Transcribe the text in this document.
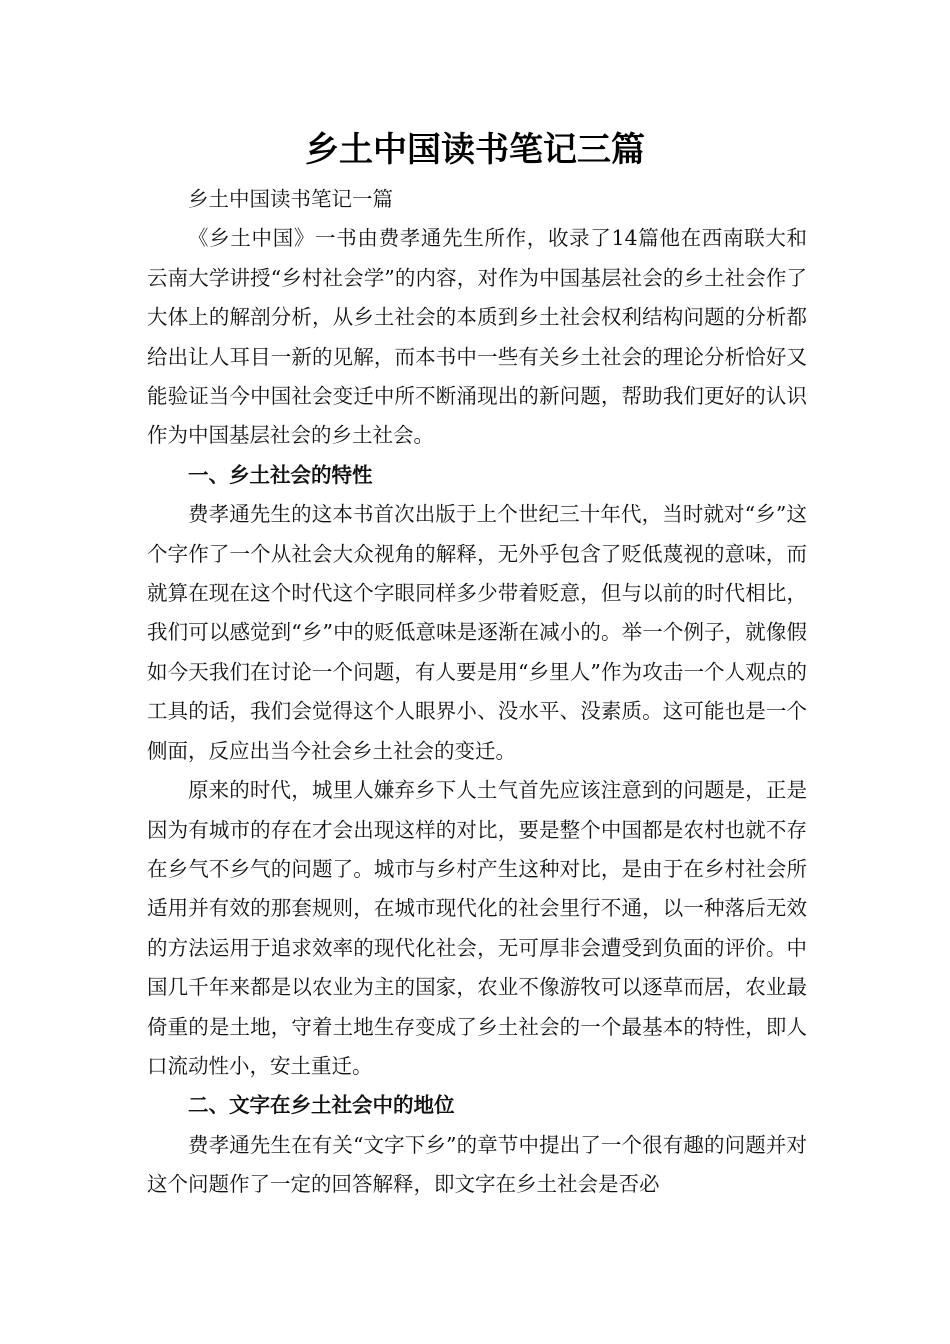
乡土中国读书笔记三篇

乡土中国读书笔记一篇

《乡土中国》一书由费孝通先生所作，收录了14篇他在西南联大和云南大学讲授“乡村社会学”的内容，对作为中国基层社会的乡土社会作了大体上的解剖分析，从乡土社会的本质到乡土社会权利结构问题的分析都给出让人耳目一新的见解，而本书中一些有关乡土社会的理论分析恰好又能验证当今中国社会变迁中所不断涌现出的新问题，帮助我们更好的认识作为中国基层社会的乡土社会。

一、乡土社会的特性

费孝通先生的这本书首次出版于上个世纪三十年代，当时就对“乡”这个字作了一个从社会大众视角的解释，无外乎包含了贬低蔑视的意味，而就算在现在这个时代这个字眼同样多少带着贬意，但与以前的时代相比，我们可以感觉到“乡”中的贬低意味是逐渐在减小的。举一个例子，就像假如今天我们在讨论一个问题，有人要是用“乡里人”作为攻击一个人观点的工具的话，我们会觉得这个人眼界小、没水平、没素质。这可能也是一个侧面，反应出当今社会乡土社会的变迁。

原来的时代，城里人嫌弃乡下人土气首先应该注意到的问题是，正是因为有城市的存在才会出现这样的对比，要是整个中国都是农村也就不存在乡气不乡气的问题了。城市与乡村产生这种对比，是由于在乡村社会所适用并有效的那套规则，在城市现代化的社会里行不通，以一种落后无效的方法运用于追求效率的现代化社会，无可厚非会遭受到负面的评价。中国几千年来都是以农业为主的国家，农业不像游牧可以逐草而居，农业最倚重的是土地，守着土地生存变成了乡土社会的一个最基本的特性，即人口流动性小，安土重迁。

二、文字在乡土社会中的地位

费孝通先生在有关“文字下乡”的章节中提出了一个很有趣的问题并对这个问题作了一定的回答解释，即文字在乡土社会是否必
